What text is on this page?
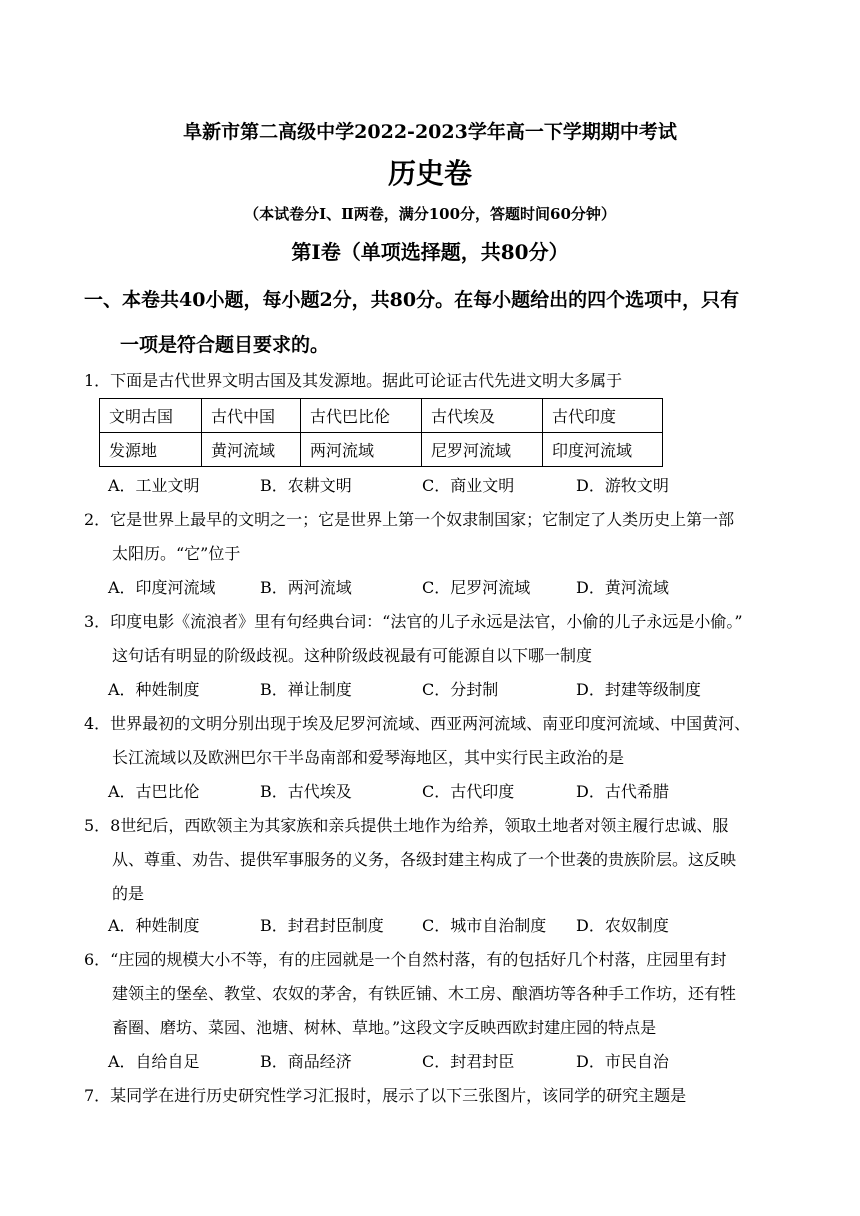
阜新市第二高级中学2022-2023学年高一下学期期中考试
历史卷
（本试卷分Ⅰ、Ⅱ两卷，满分100分，答题时间60分钟）
第Ⅰ卷（单项选择题，共80分）
一、本卷共40小题，每小题2分，共80分。在每小题给出的四个选项中，只有
一项是符合题目要求的。
1．下面是古代世界文明古国及其发源地。据此可论证古代先进文明大多属于
文明古国	古代中国	古代巴比伦	古代埃及	古代印度
发源地	黄河流域	两河流域	尼罗河流域	印度河流域
A．工业文明	B．农耕文明	C．商业文明	D．游牧文明
2．它是世界上最早的文明之一；它是世界上第一个奴隶制国家；它制定了人类历史上第一部
太阳历。“它”位于
A．印度河流域	B．两河流域	C．尼罗河流域	D．黄河流域
3．印度电影《流浪者》里有句经典台词：“法官的儿子永远是法官，小偷的儿子永远是小偷。”
这句话有明显的阶级歧视。这种阶级歧视最有可能源自以下哪一制度
A．种姓制度	B．禅让制度	C．分封制	D．封建等级制度
4．世界最初的文明分别出现于埃及尼罗河流域、西亚两河流域、南亚印度河流域、中国黄河、
长江流域以及欧洲巴尔干半岛南部和爱琴海地区，其中实行民主政治的是
A．古巴比伦	B．古代埃及	C．古代印度	D．古代希腊
5．8世纪后，西欧领主为其家族和亲兵提供土地作为给养，领取土地者对领主履行忠诚、服
从、尊重、劝告、提供军事服务的义务，各级封建主构成了一个世袭的贵族阶层。这反映
的是
A．种姓制度	B．封君封臣制度 C．城市自治制度 D．农奴制度
6．“庄园的规模大小不等，有的庄园就是一个自然村落，有的包括好几个村落，庄园里有封
建领主的堡垒、教堂、农奴的茅舍，有铁匠铺、木工房、酿酒坊等各种手工作坊，还有牲
畜圈、磨坊、菜园、池塘、树林、草地。”这段文字反映西欧封建庄园的特点是
A．自给自足	B．商品经济	C．封君封臣	D．市民自治
7．某同学在进行历史研究性学习汇报时，展示了以下三张图片，该同学的研究主题是
